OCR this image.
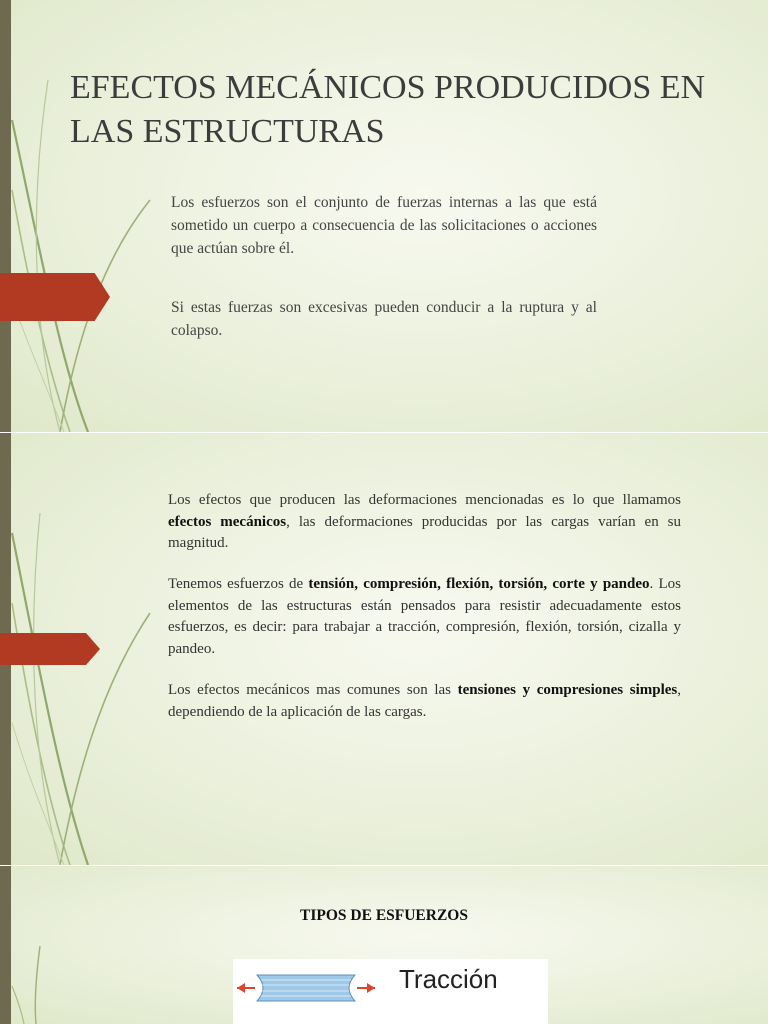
EFECTOS MECÁNICOS PRODUCIDOS EN LAS ESTRUCTURAS

Los esfuerzos son el conjunto de fuerzas internas a las que está sometido un cuerpo a consecuencia de las solicitaciones o acciones que actúan sobre él.

Si estas fuerzas son excesivas pueden conducir a la ruptura y al colapso.

Los efectos que producen las deformaciones mencionadas es lo que llamamos efectos mecánicos, las deformaciones producidas por las cargas varían en su magnitud.

Tenemos esfuerzos de tensión, compresión, flexión, torsión, corte y pandeo. Los elementos de las estructuras están pensados para resistir adecuadamente estos esfuerzos, es decir: para trabajar a tracción, compresión, flexión, torsión, cizalla y pandeo.

Los efectos mecánicos mas comunes son las tensiones y compresiones simples, dependiendo de la aplicación de las cargas.

TIPOS DE ESFUERZOS
Tracción
